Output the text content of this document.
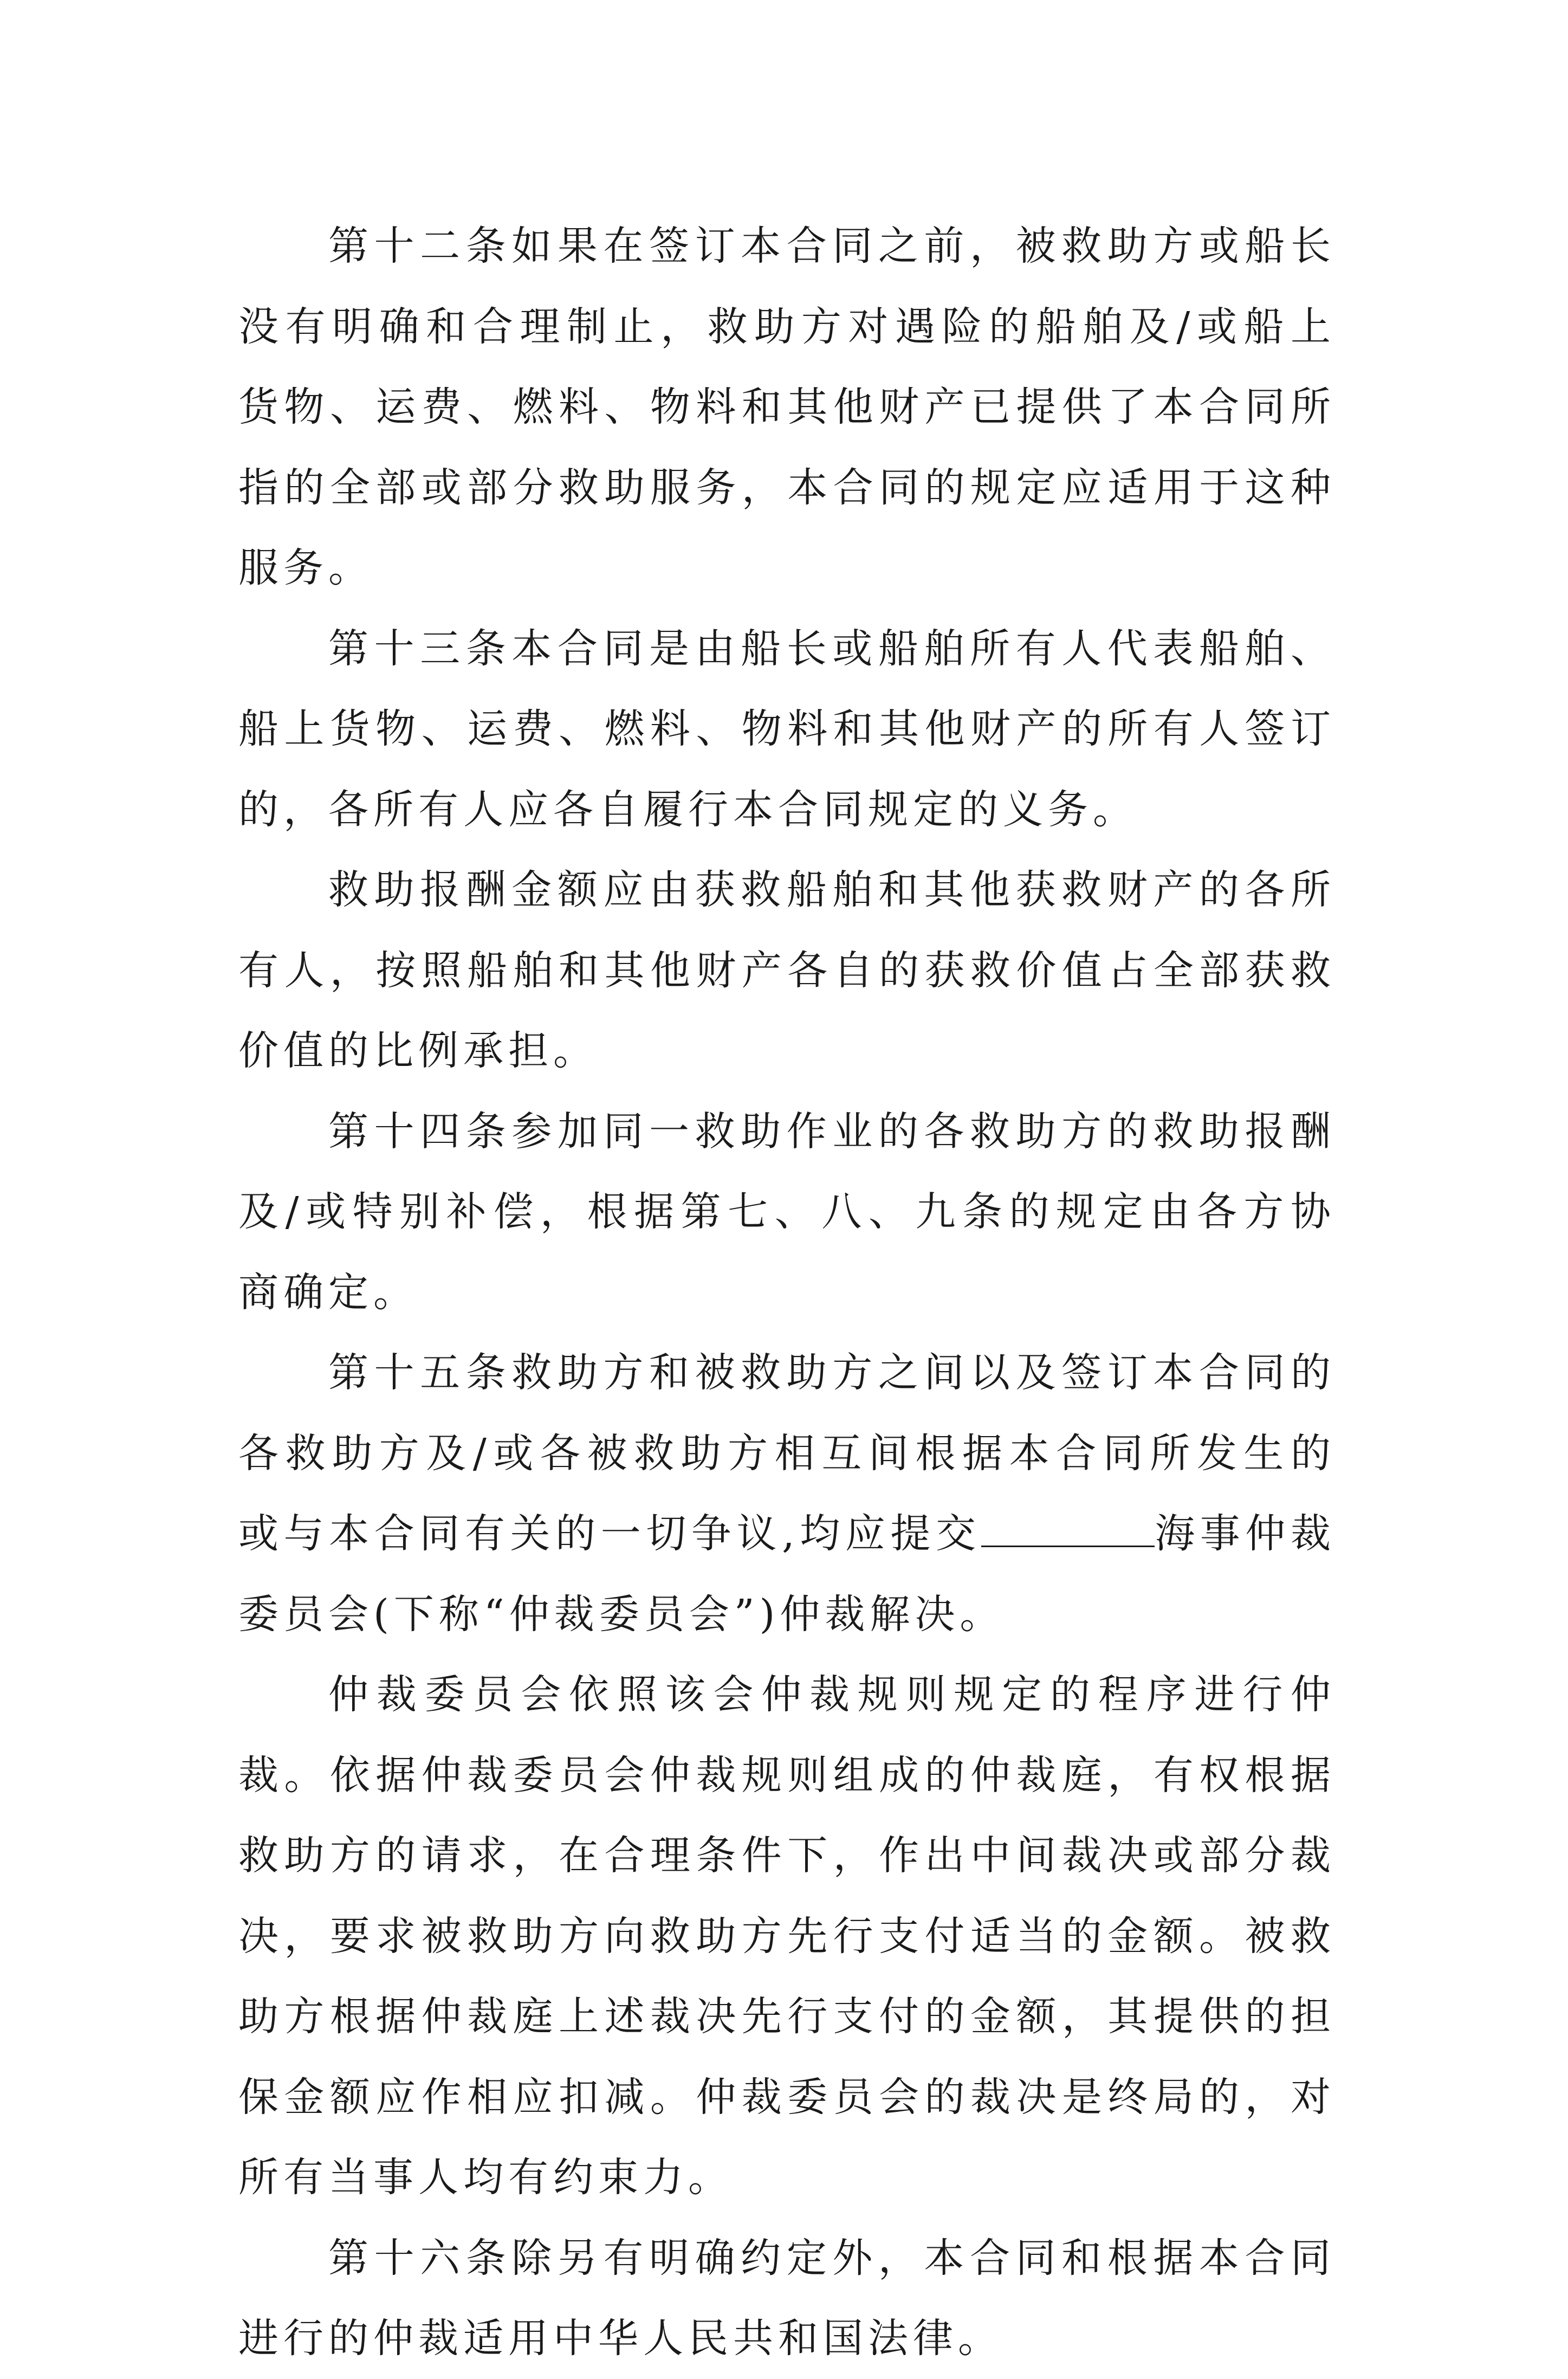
第十二条如果在签订本合同之前，被救助方或船长没有明确和合理制止，救助方对遇险的船舶及/或船上货物、运费、燃料、物料和其他财产已提供了本合同所指的全部或部分救助服务，本合同的规定应适用于这种服务。

第十三条本合同是由船长或船舶所有人代表船舶、船上货物、运费、燃料、物料和其他财产的所有人签订的，各所有人应各自履行本合同规定的义务。

救助报酬金额应由获救船舶和其他获救财产的各所有人，按照船舶和其他财产各自的获救价值占全部获救价值的比例承担。

第十四条参加同一救助作业的各救助方的救助报酬及/或特别补偿，根据第七、八、九条的规定由各方协商确定。

第十五条救助方和被救助方之间以及签订本合同的各救助方及/或各被救助方相互间根据本合同所发生的或与本合同有关的一切争议,均应提交	海事仲裁委员会(下称“仲裁委员会”)仲裁解决。

仲裁委员会依照该会仲裁规则规定的程序进行仲裁。依据仲裁委员会仲裁规则组成的仲裁庭，有权根据救助方的请求，在合理条件下，作出中间裁决或部分裁决，要求被救助方向救助方先行支付适当的金额。被救助方根据仲裁庭上述裁决先行支付的金额，其提供的担保金额应作相应扣减。仲裁委员会的裁决是终局的，对所有当事人均有约束力。

第十六条除另有明确约定外，本合同和根据本合同进行的仲裁适用中华人民共和国法律。
